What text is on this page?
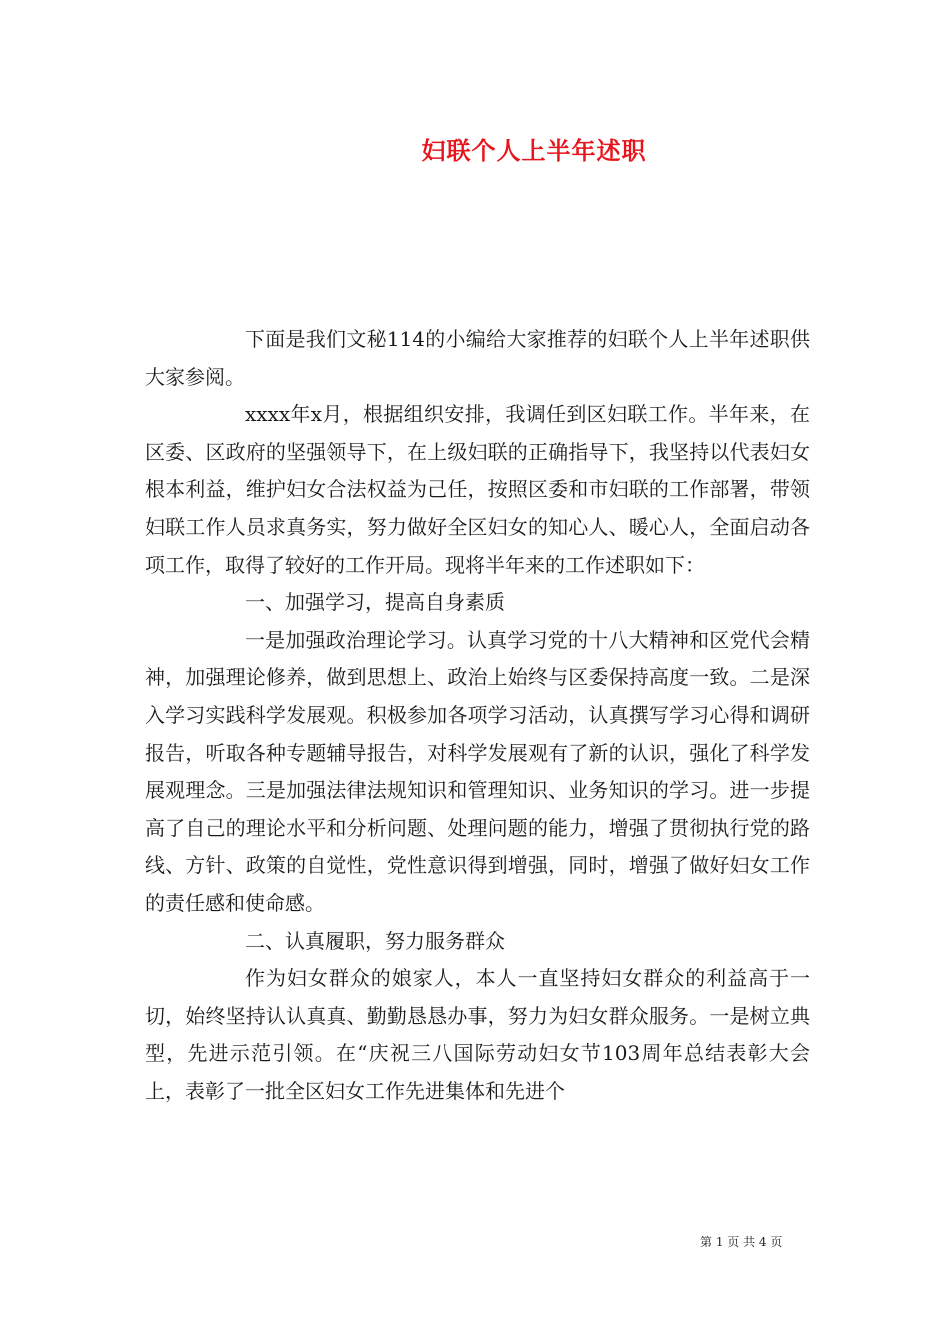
妇联个人上半年述职

下面是我们文秘114的小编给大家推荐的妇联个人上半年述职供大家参阅。

xxxx年x月，根据组织安排，我调任到区妇联工作。半年来，在区委、区政府的坚强领导下，在上级妇联的正确指导下，我坚持以代表妇女根本利益，维护妇女合法权益为己任，按照区委和市妇联的工作部署，带领妇联工作人员求真务实，努力做好全区妇女的知心人、暖心人，全面启动各项工作，取得了较好的工作开局。现将半年来的工作述职如下：

一、加强学习，提高自身素质

一是加强政治理论学习。认真学习党的十八大精神和区党代会精神，加强理论修养，做到思想上、政治上始终与区委保持高度一致。二是深入学习实践科学发展观。积极参加各项学习活动，认真撰写学习心得和调研报告，听取各种专题辅导报告，对科学发展观有了新的认识，强化了科学发展观理念。三是加强法律法规知识和管理知识、业务知识的学习。进一步提高了自己的理论水平和分析问题、处理问题的能力，增强了贯彻执行党的路线、方针、政策的自觉性，党性意识得到增强，同时，增强了做好妇女工作的责任感和使命感。

二、认真履职，努力服务群众

作为妇女群众的娘家人，本人一直坚持妇女群众的利益高于一切，始终坚持认认真真、勤勤恳恳办事，努力为妇女群众服务。一是树立典型，先进示范引领。在“庆祝三八国际劳动妇女节103周年总结表彰大会上，表彰了一批全区妇女工作先进集体和先进个

第 1 页 共 4 页
